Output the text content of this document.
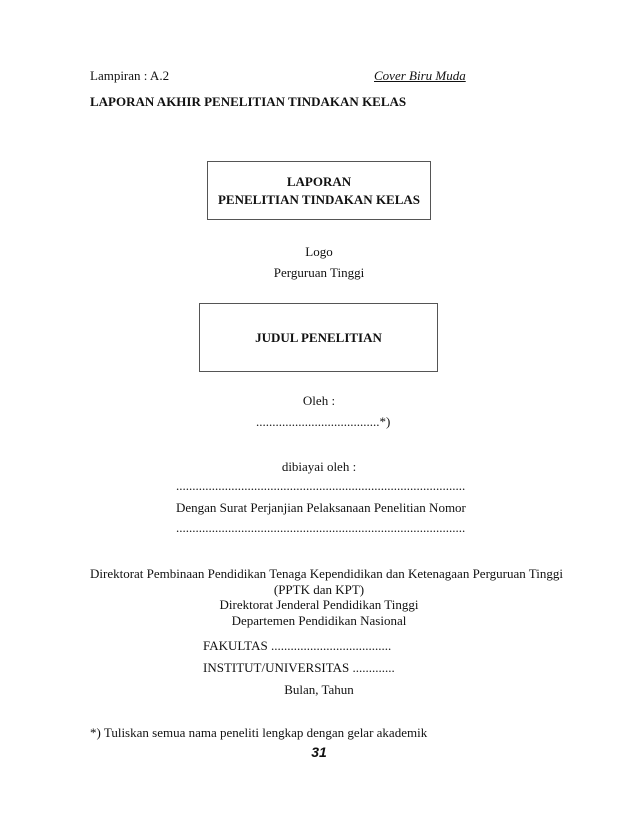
Lampiran : A.2	Cover Biru Muda
LAPORAN AKHIR PENELITIAN TINDAKAN KELAS
LAPORAN
PENELITIAN TINDAKAN KELAS
Logo
Perguruan Tinggi
JUDUL PENELITIAN
Oleh :
......................................*)
dibiayai oleh :
.........................................................................................
Dengan Surat Perjanjian Pelaksanaan Penelitian Nomor
.........................................................................................
Direktorat Pembinaan Pendidikan Tenaga Kependidikan dan Ketenagaan Perguruan Tinggi
(PPTK dan KPT)
Direktorat Jenderal Pendidikan Tinggi
Departemen Pendidikan Nasional
FAKULTAS .....................................
INSTITUT/UNIVERSITAS .............
Bulan, Tahun
*) Tuliskan semua nama peneliti lengkap dengan gelar akademik
31
